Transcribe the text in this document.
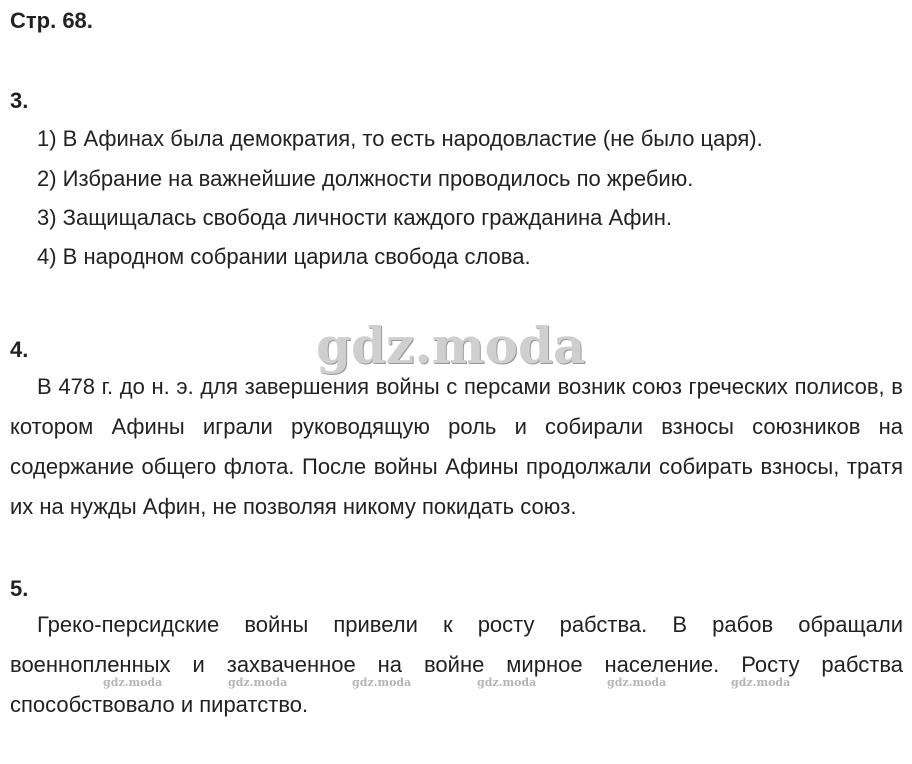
Стр. 68.
3.
1) В Афинах была демократия, то есть народовластие (не было царя).
2) Избрание на важнейшие должности проводилось по жребию.
3) Защищалась свобода личности каждого гражданина Афин.
4) В народном собрании царила свобода слова.
4.

В 478 г. до н. э. для завершения войны с персами возник союз греческих полисов, в котором Афины играли руководящую роль и собирали взносы союзников на содержание общего флота. После войны Афины продолжали собирать взносы, тратя их на нужды Афин, не позволяя никому покидать союз.

5.

Греко-персидские войны привели к росту рабства. В рабов обращали военнопленных и захваченное на войне мирное население. Росту рабства способствовало и пиратство.

gdz.moda
gdz.moda	gdz.moda	gdz.moda	gdz.moda	gdz.moda	gdz.moda
